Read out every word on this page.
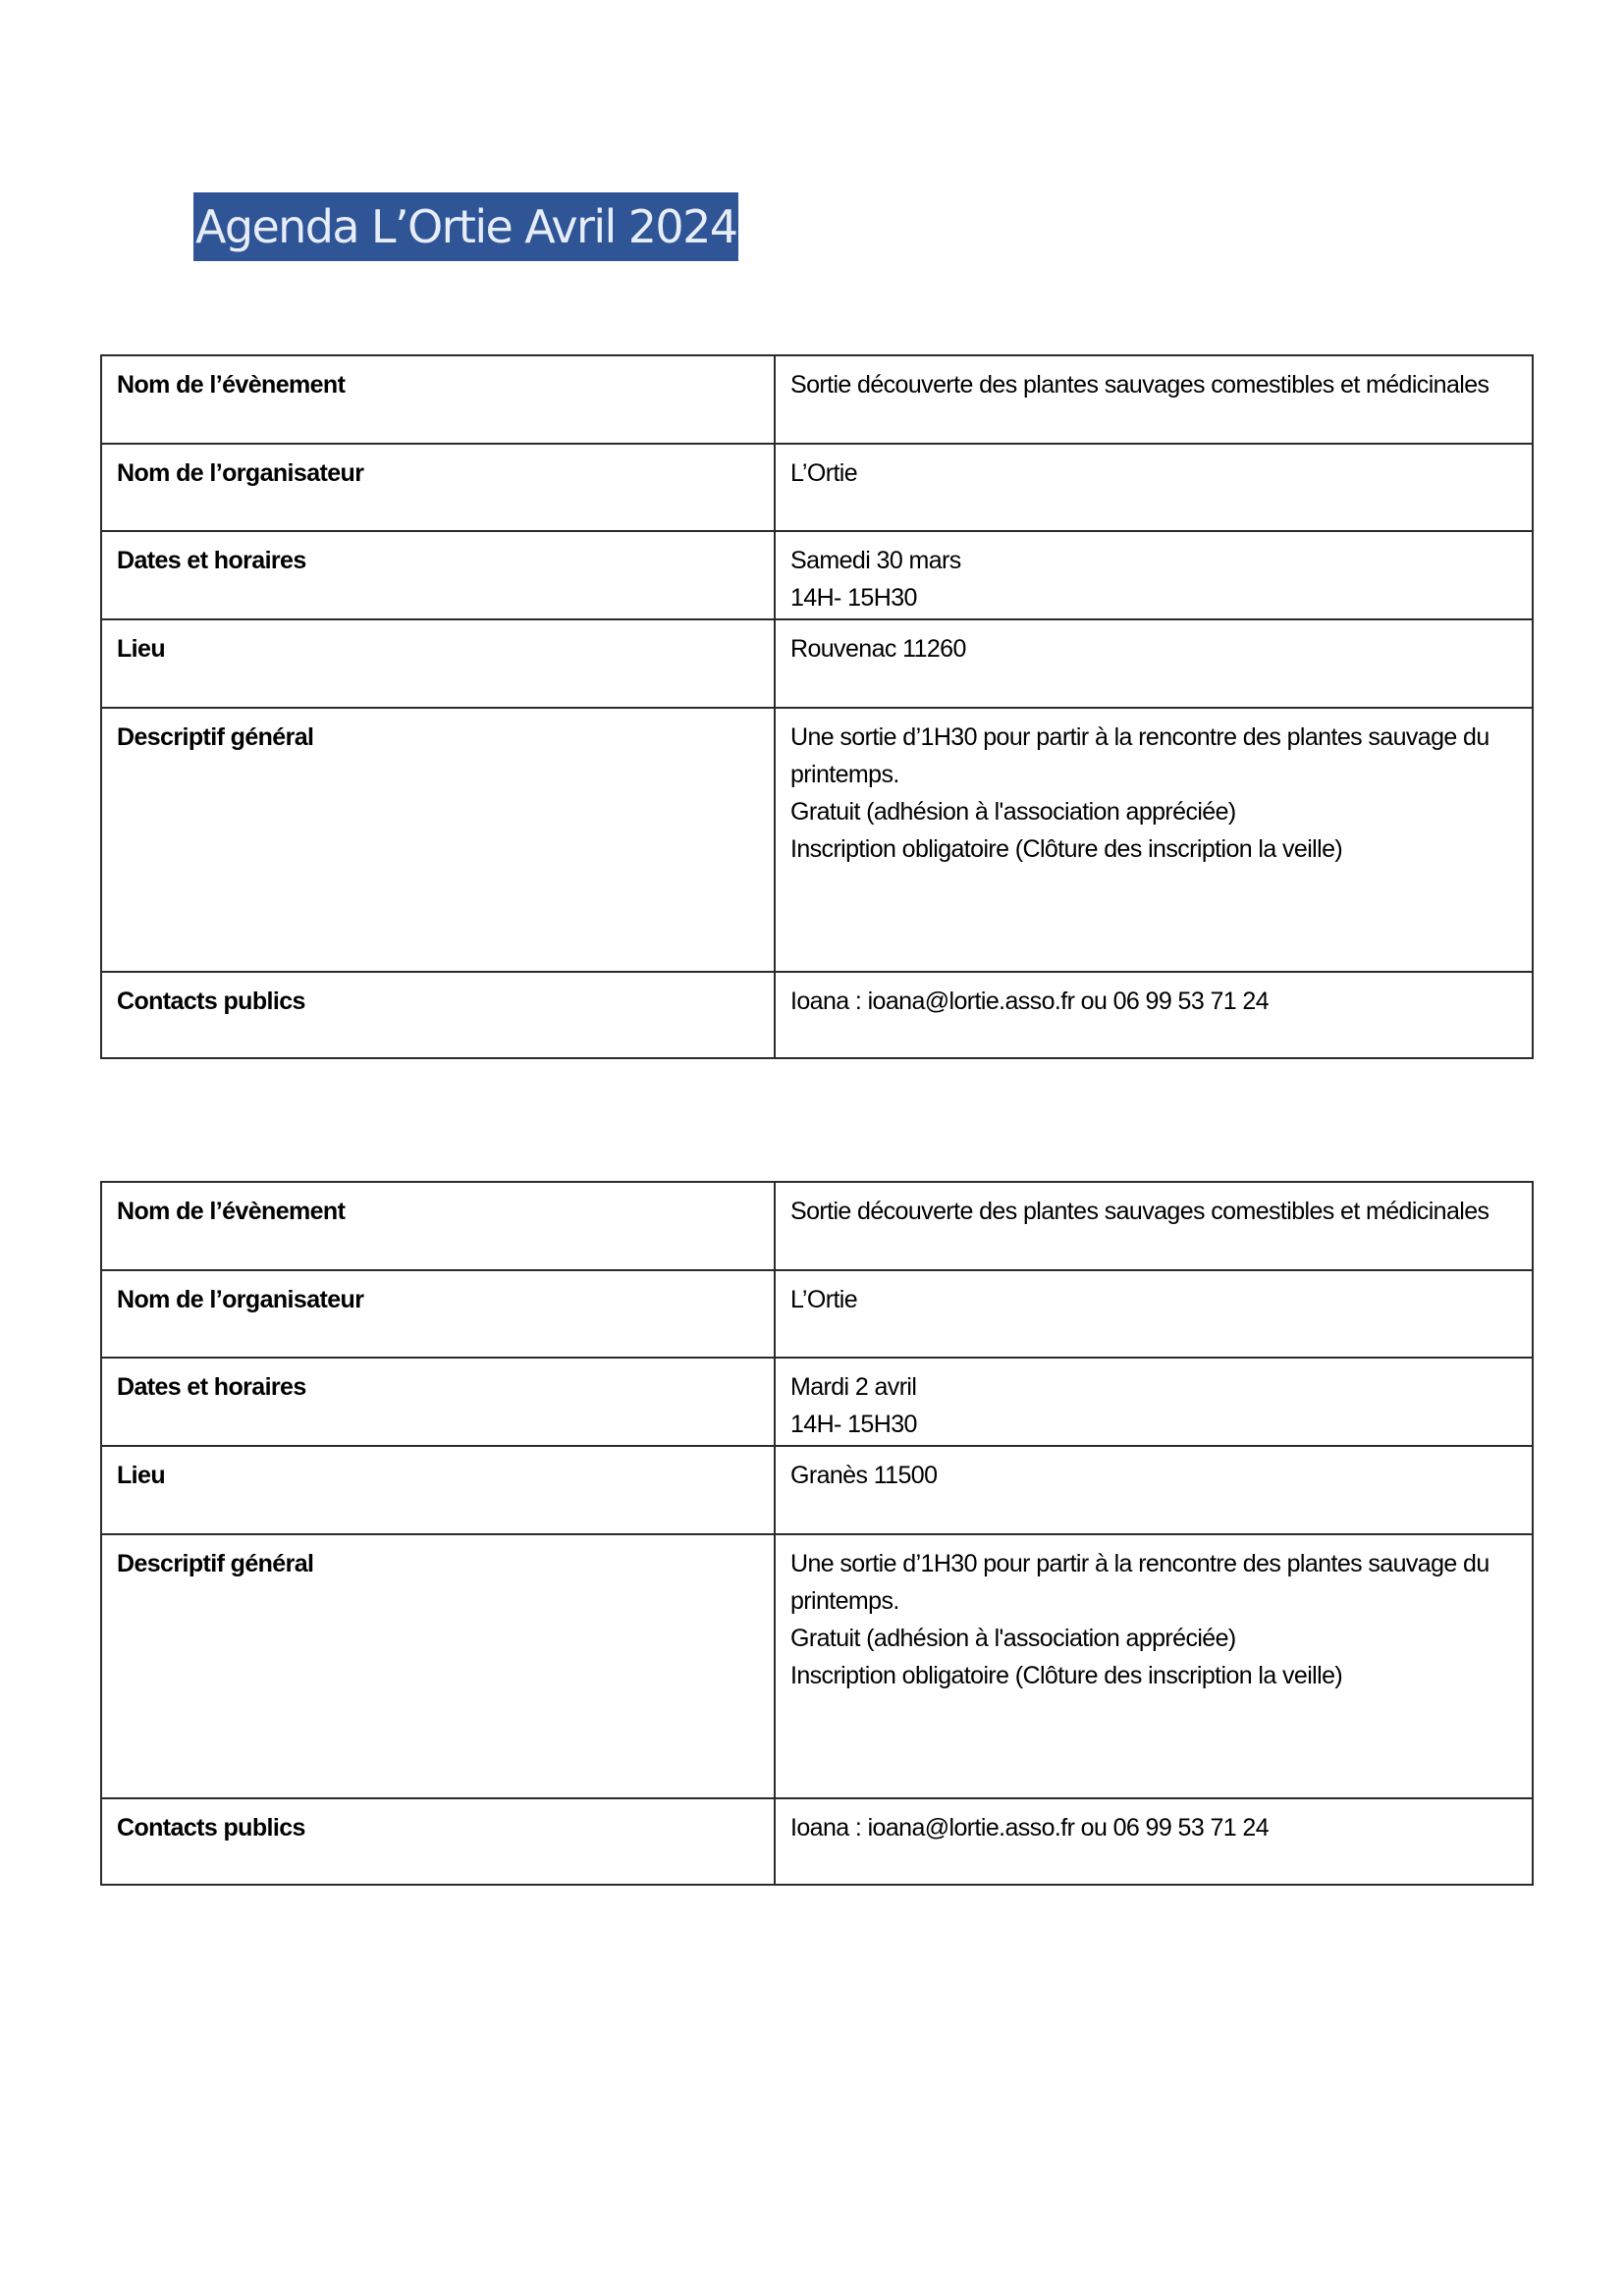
Agenda L’Ortie Avril 2024
Nom de l’évènement	Sortie découverte des plantes sauvages comestibles et médicinales
Nom de l’organisateur	L’Ortie
Dates et horaires	Samedi 30 mars
14H- 15H30

Lieu	Rouvenac 11260
Descriptif général	Une sortie d’1H30 pour partir à la rencontre des plantes sauvage du printemps.
Gratuit (adhésion à l'association appréciée)
Inscription obligatoire (Clôture des inscription la veille)

Contacts publics	Ioana : ioana@lortie.asso.fr ou 06 99 53 71 24
Nom de l’évènement	Sortie découverte des plantes sauvages comestibles et médicinales
Nom de l’organisateur	L’Ortie
Dates et horaires	Mardi 2 avril
14H- 15H30

Lieu	Granès 11500
Descriptif général	Une sortie d’1H30 pour partir à la rencontre des plantes sauvage du printemps.
Gratuit (adhésion à l'association appréciée)
Inscription obligatoire (Clôture des inscription la veille)

Contacts publics	Ioana : ioana@lortie.asso.fr ou 06 99 53 71 24
